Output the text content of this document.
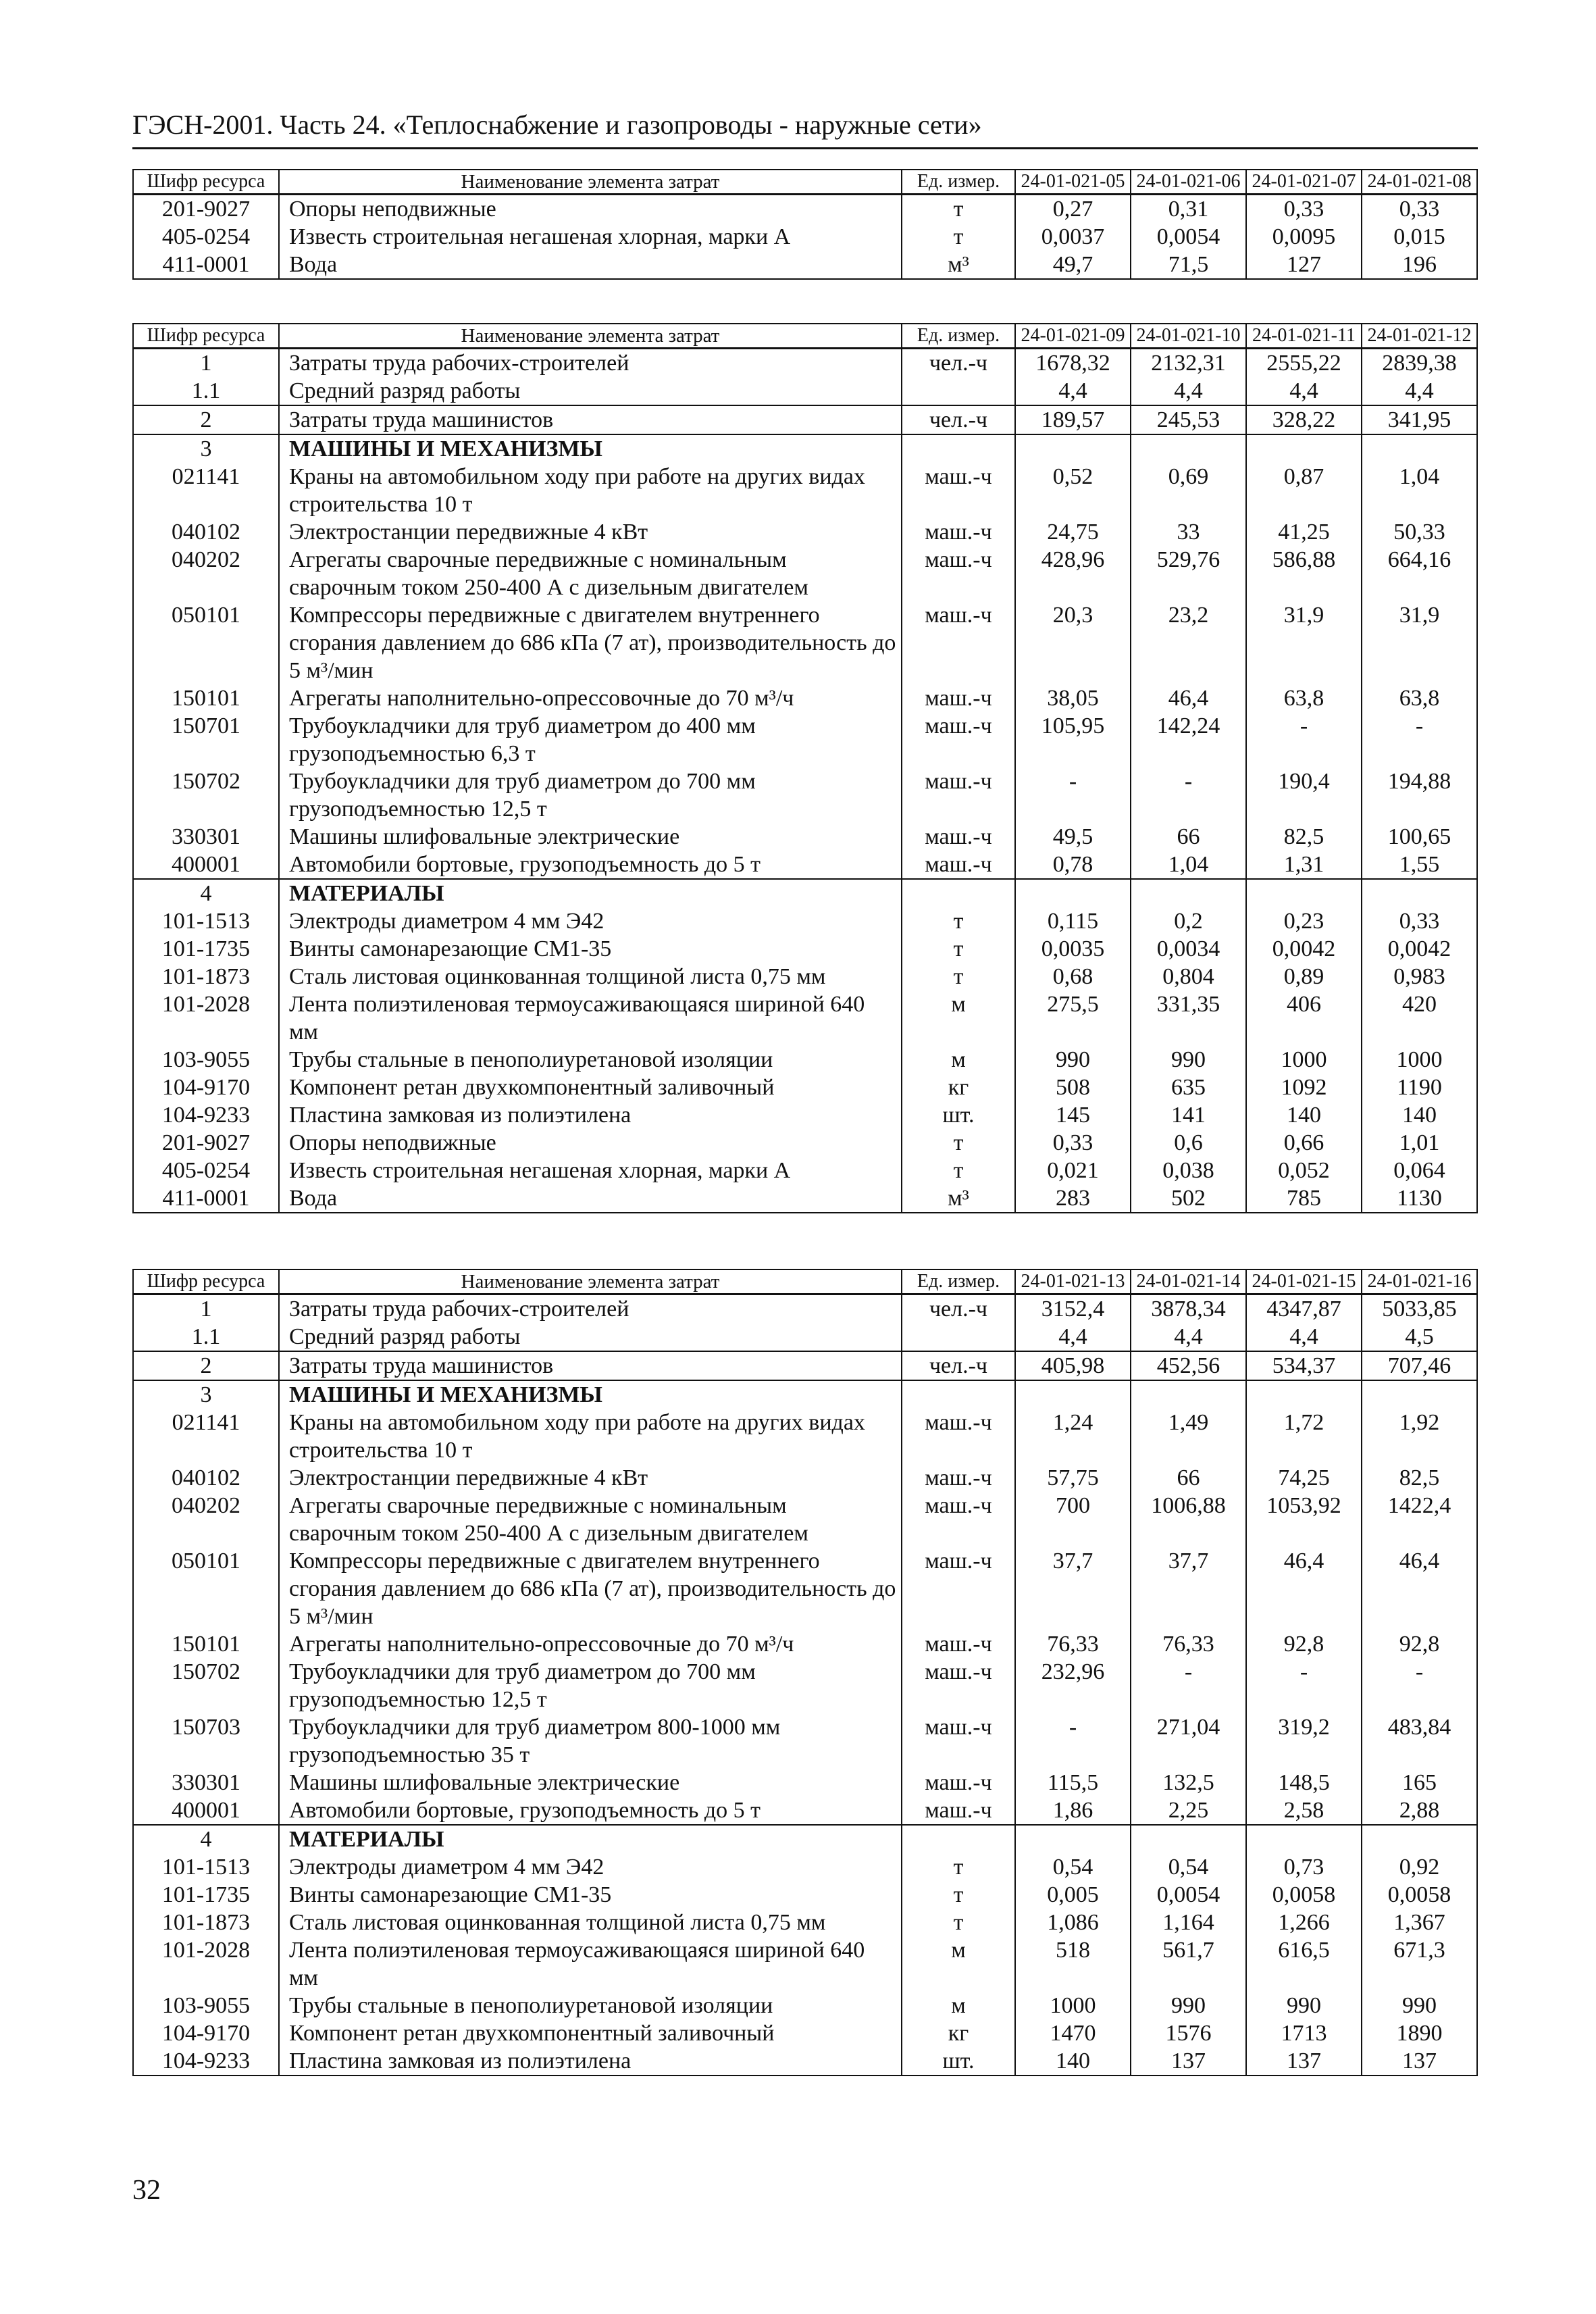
ГЭСН-2001. Часть 24. «Теплоснабжение и газопроводы - наружные сети»
Шифр ресурса	Наименование элемента затрат	Ед. измер.	24-01-021-05	24-01-021-06	24-01-021-07	24-01-021-08
201-9027	Опоры неподвижные	т	0,27	0,31	0,33	0,33
405-0254	Известь строительная негашеная хлорная, марки А	т	0,0037	0,0054	0,0095	0,015
411-0001	Вода	м³	49,7	71,5	127	196
Шифр ресурса	Наименование элемента затрат	Ед. измер.	24-01-021-09	24-01-021-10	24-01-021-11	24-01-021-12
1	Затраты труда рабочих-строителей	чел.-ч	1678,32	2132,31	2555,22	2839,38
1.1	Средний разряд работы		4,4	4,4	4,4	4,4
2	Затраты труда машинистов	чел.-ч	189,57	245,53	328,22	341,95
3	МАШИНЫ И МЕХАНИЗМЫ					
021141	Краны на автомобильном ходу при работе на других видах строительства 10 т	маш.-ч	0,52	0,69	0,87	1,04
040102	Электростанции передвижные 4 кВт	маш.-ч	24,75	33	41,25	50,33
040202	Агрегаты сварочные передвижные с номинальным сварочным током 250-400 А с дизельным двигателем	маш.-ч	428,96	529,76	586,88	664,16
050101	Компрессоры передвижные с двигателем внутреннего сгорания давлением до 686 кПа (7 ат), производительность до 5 м³/мин	маш.-ч	20,3	23,2	31,9	31,9
150101	Агрегаты наполнительно-опрессовочные до 70 м³/ч	маш.-ч	38,05	46,4	63,8	63,8
150701	Трубоукладчики для труб диаметром до 400 мм грузоподъемностью 6,3 т	маш.-ч	105,95	142,24	-	-
150702	Трубоукладчики для труб диаметром до 700 мм грузоподъемностью 12,5 т	маш.-ч	-	-	190,4	194,88
330301	Машины шлифовальные электрические	маш.-ч	49,5	66	82,5	100,65
400001	Автомобили бортовые, грузоподъемность до 5 т	маш.-ч	0,78	1,04	1,31	1,55
4	МАТЕРИАЛЫ					
101-1513	Электроды диаметром 4 мм Э42	т	0,115	0,2	0,23	0,33
101-1735	Винты самонарезающие СМ1-35	т	0,0035	0,0034	0,0042	0,0042
101-1873	Сталь листовая оцинкованная толщиной листа 0,75 мм	т	0,68	0,804	0,89	0,983
101-2028	Лента полиэтиленовая термоусаживающаяся шириной 640 мм	м	275,5	331,35	406	420
103-9055	Трубы стальные в пенополиуретановой изоляции	м	990	990	1000	1000
104-9170	Компонент ретан двухкомпонентный заливочный	кг	508	635	1092	1190
104-9233	Пластина замковая из полиэтилена	шт.	145	141	140	140
201-9027	Опоры неподвижные	т	0,33	0,6	0,66	1,01
405-0254	Известь строительная негашеная хлорная, марки А	т	0,021	0,038	0,052	0,064
411-0001	Вода	м³	283	502	785	1130
Шифр ресурса	Наименование элемента затрат	Ед. измер.	24-01-021-13	24-01-021-14	24-01-021-15	24-01-021-16
1	Затраты труда рабочих-строителей	чел.-ч	3152,4	3878,34	4347,87	5033,85
1.1	Средний разряд работы		4,4	4,4	4,4	4,5
2	Затраты труда машинистов	чел.-ч	405,98	452,56	534,37	707,46
3	МАШИНЫ И МЕХАНИЗМЫ					
021141	Краны на автомобильном ходу при работе на других видах строительства 10 т	маш.-ч	1,24	1,49	1,72	1,92
040102	Электростанции передвижные 4 кВт	маш.-ч	57,75	66	74,25	82,5
040202	Агрегаты сварочные передвижные с номинальным сварочным током 250-400 А с дизельным двигателем	маш.-ч	700	1006,88	1053,92	1422,4
050101	Компрессоры передвижные с двигателем внутреннего сгорания давлением до 686 кПа (7 ат), производительность до 5 м³/мин	маш.-ч	37,7	37,7	46,4	46,4
150101	Агрегаты наполнительно-опрессовочные до 70 м³/ч	маш.-ч	76,33	76,33	92,8	92,8
150702	Трубоукладчики для труб диаметром до 700 мм грузоподъемностью 12,5 т	маш.-ч	232,96	-	-	-
150703	Трубоукладчики для труб диаметром 800-1000 мм грузоподъемностью 35 т	маш.-ч	-	271,04	319,2	483,84
330301	Машины шлифовальные электрические	маш.-ч	115,5	132,5	148,5	165
400001	Автомобили бортовые, грузоподъемность до 5 т	маш.-ч	1,86	2,25	2,58	2,88
4	МАТЕРИАЛЫ					
101-1513	Электроды диаметром 4 мм Э42	т	0,54	0,54	0,73	0,92
101-1735	Винты самонарезающие СМ1-35	т	0,005	0,0054	0,0058	0,0058
101-1873	Сталь листовая оцинкованная толщиной листа 0,75 мм	т	1,086	1,164	1,266	1,367
101-2028	Лента полиэтиленовая термоусаживающаяся шириной 640 мм	м	518	561,7	616,5	671,3
103-9055	Трубы стальные в пенополиуретановой изоляции	м	1000	990	990	990
104-9170	Компонент ретан двухкомпонентный заливочный	кг	1470	1576	1713	1890
104-9233	Пластина замковая из полиэтилена	шт.	140	137	137	137
32
